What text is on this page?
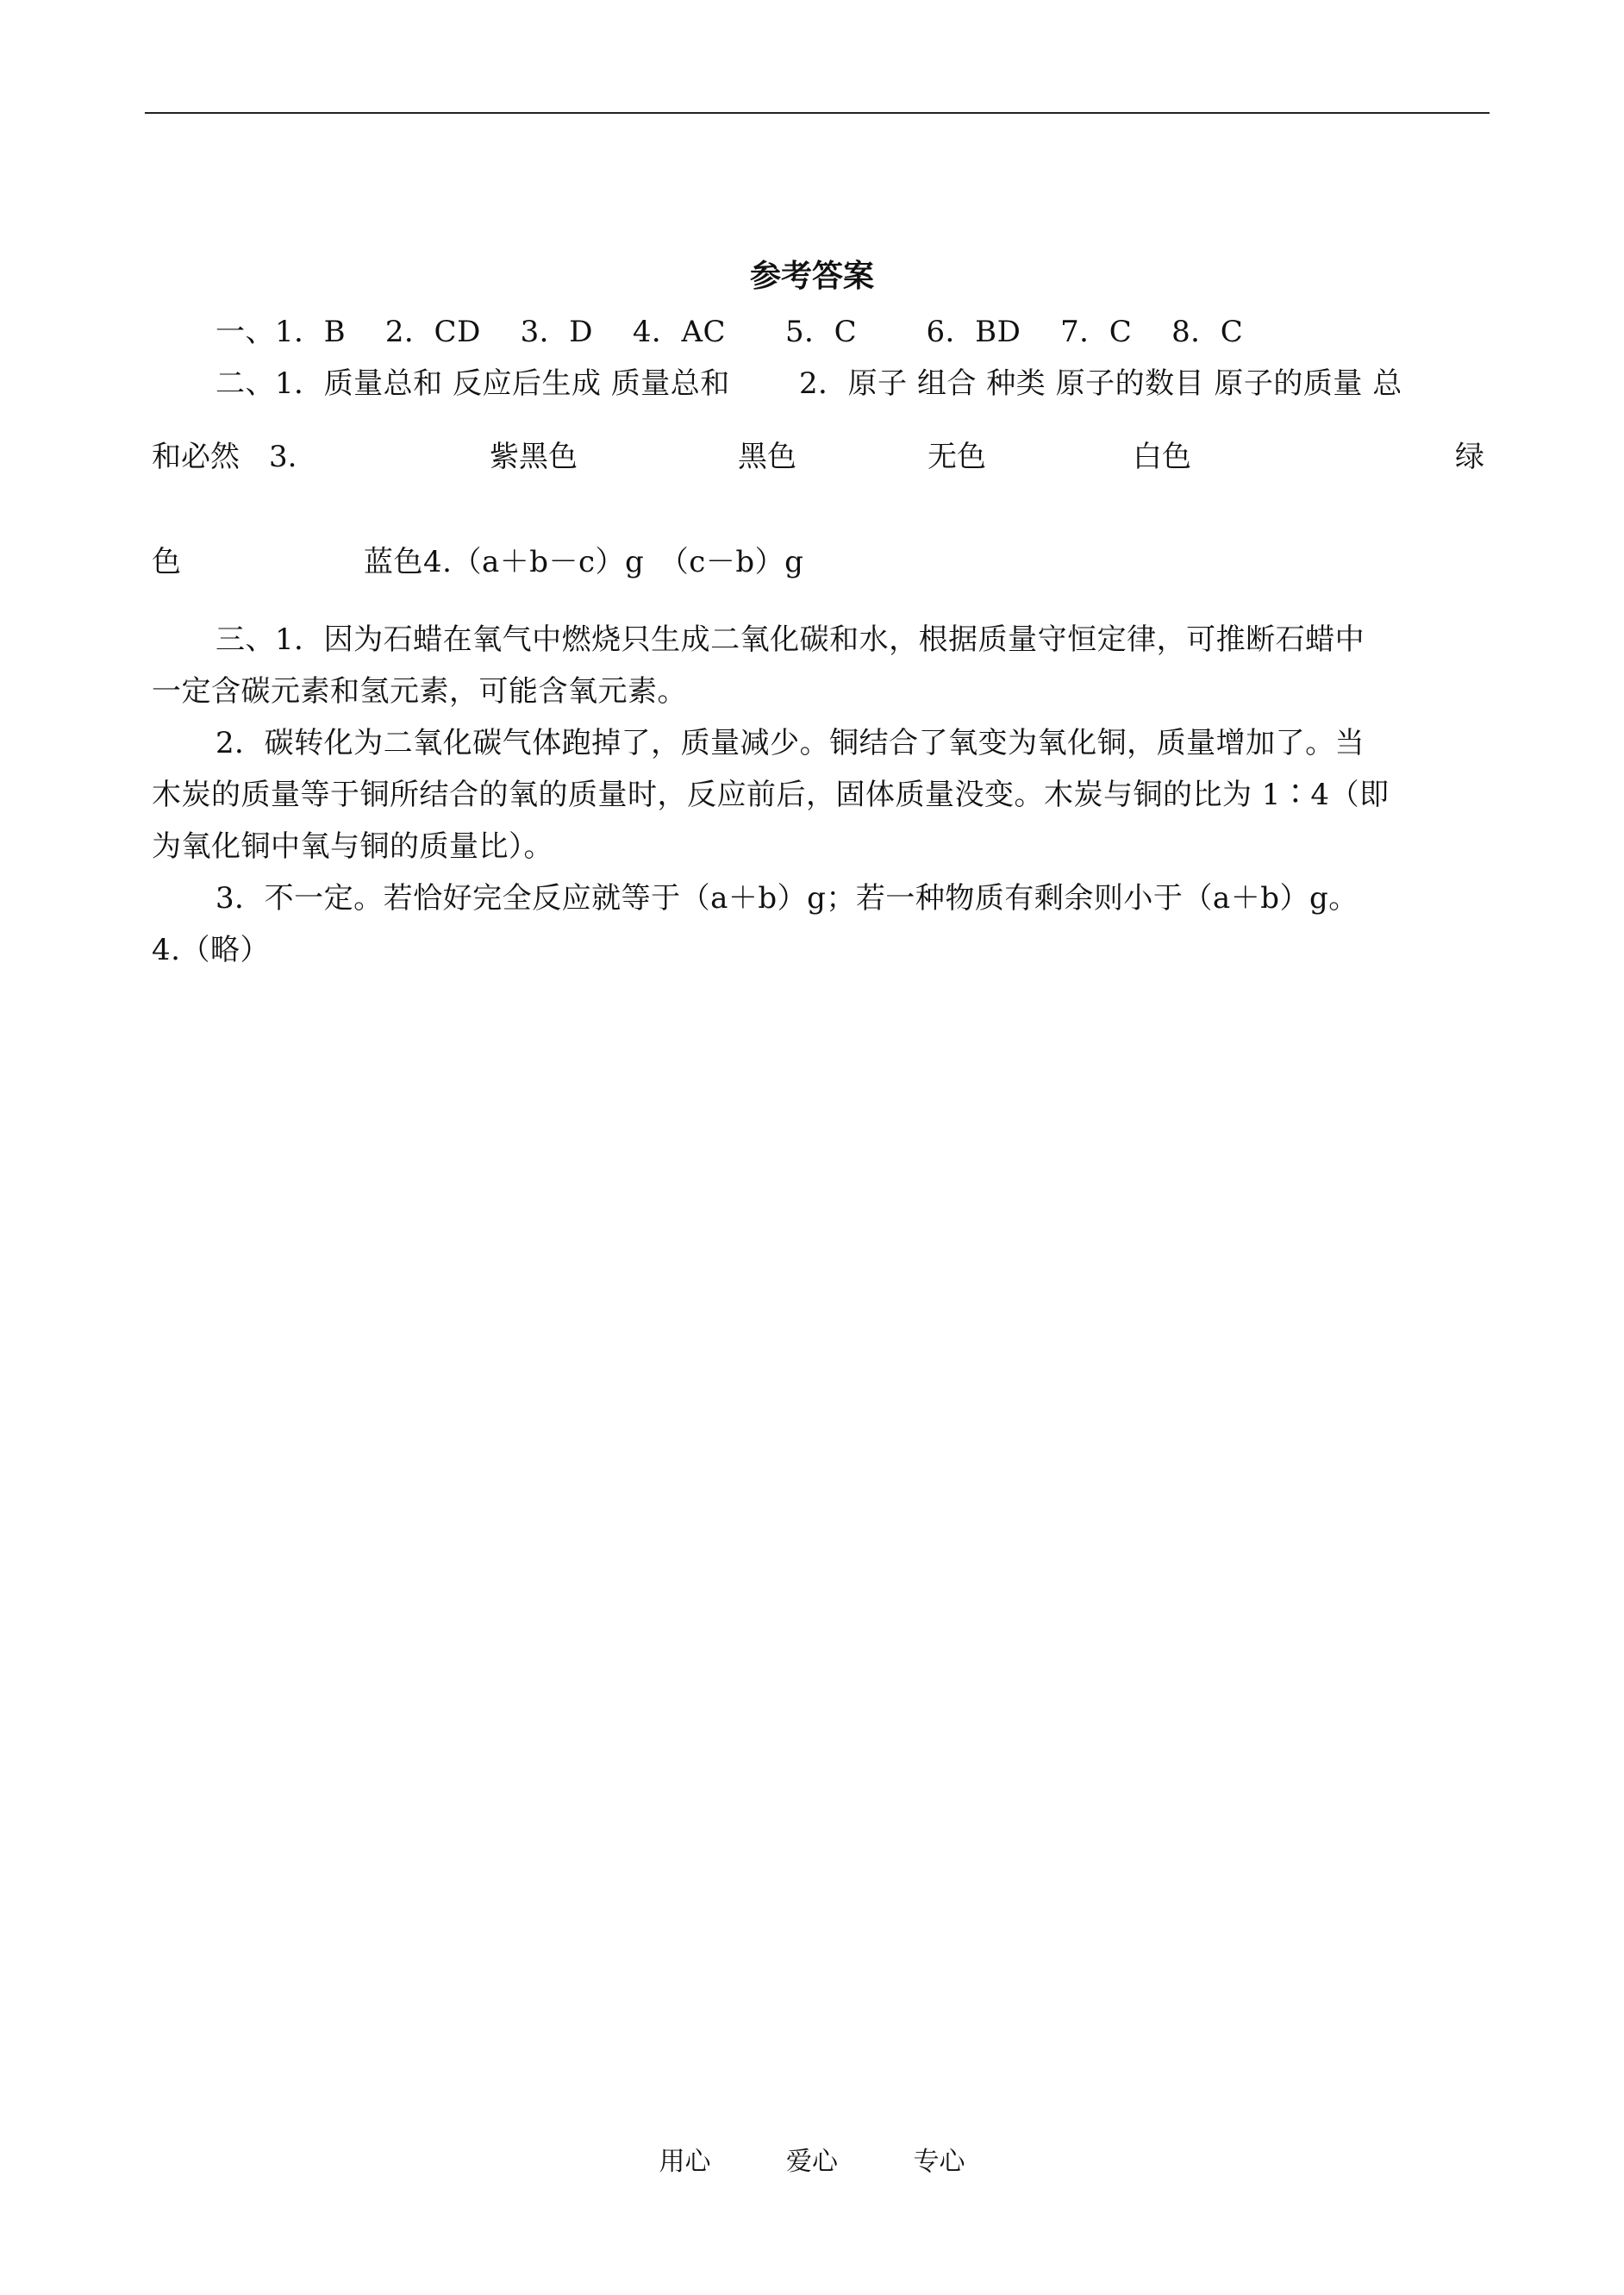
参考答案
一、1．B　 2．CD　 3．D　 4．AC　　5．C　 　6．BD　 7．C　 8．C
二、1．质量总和 反应后生成 质量总和　 　2．原子 组合 种类 原子的数目 原子的质量 总
和必然　3.	紫黑色	黑色	无色	白色	绿
色	蓝色4.（a＋b－c）g　（c－b）g
三、1．因为石蜡在氧气中燃烧只生成二氧化碳和水，根据质量守恒定律，可推断石蜡中
一定含碳元素和氢元素，可能含氧元素。
2．碳转化为二氧化碳气体跑掉了，质量减少。铜结合了氧变为氧化铜，质量增加了。当
木炭的质量等于铜所结合的氧的质量时，反应前后，固体质量没变。木炭与铜的比为 1∶4（即
为氧化铜中氧与铜的质量比）。
3．不一定。若恰好完全反应就等于（a＋b）g；若一种物质有剩余则小于（a＋b）g。
4.（略）
用心	爱心	专心
